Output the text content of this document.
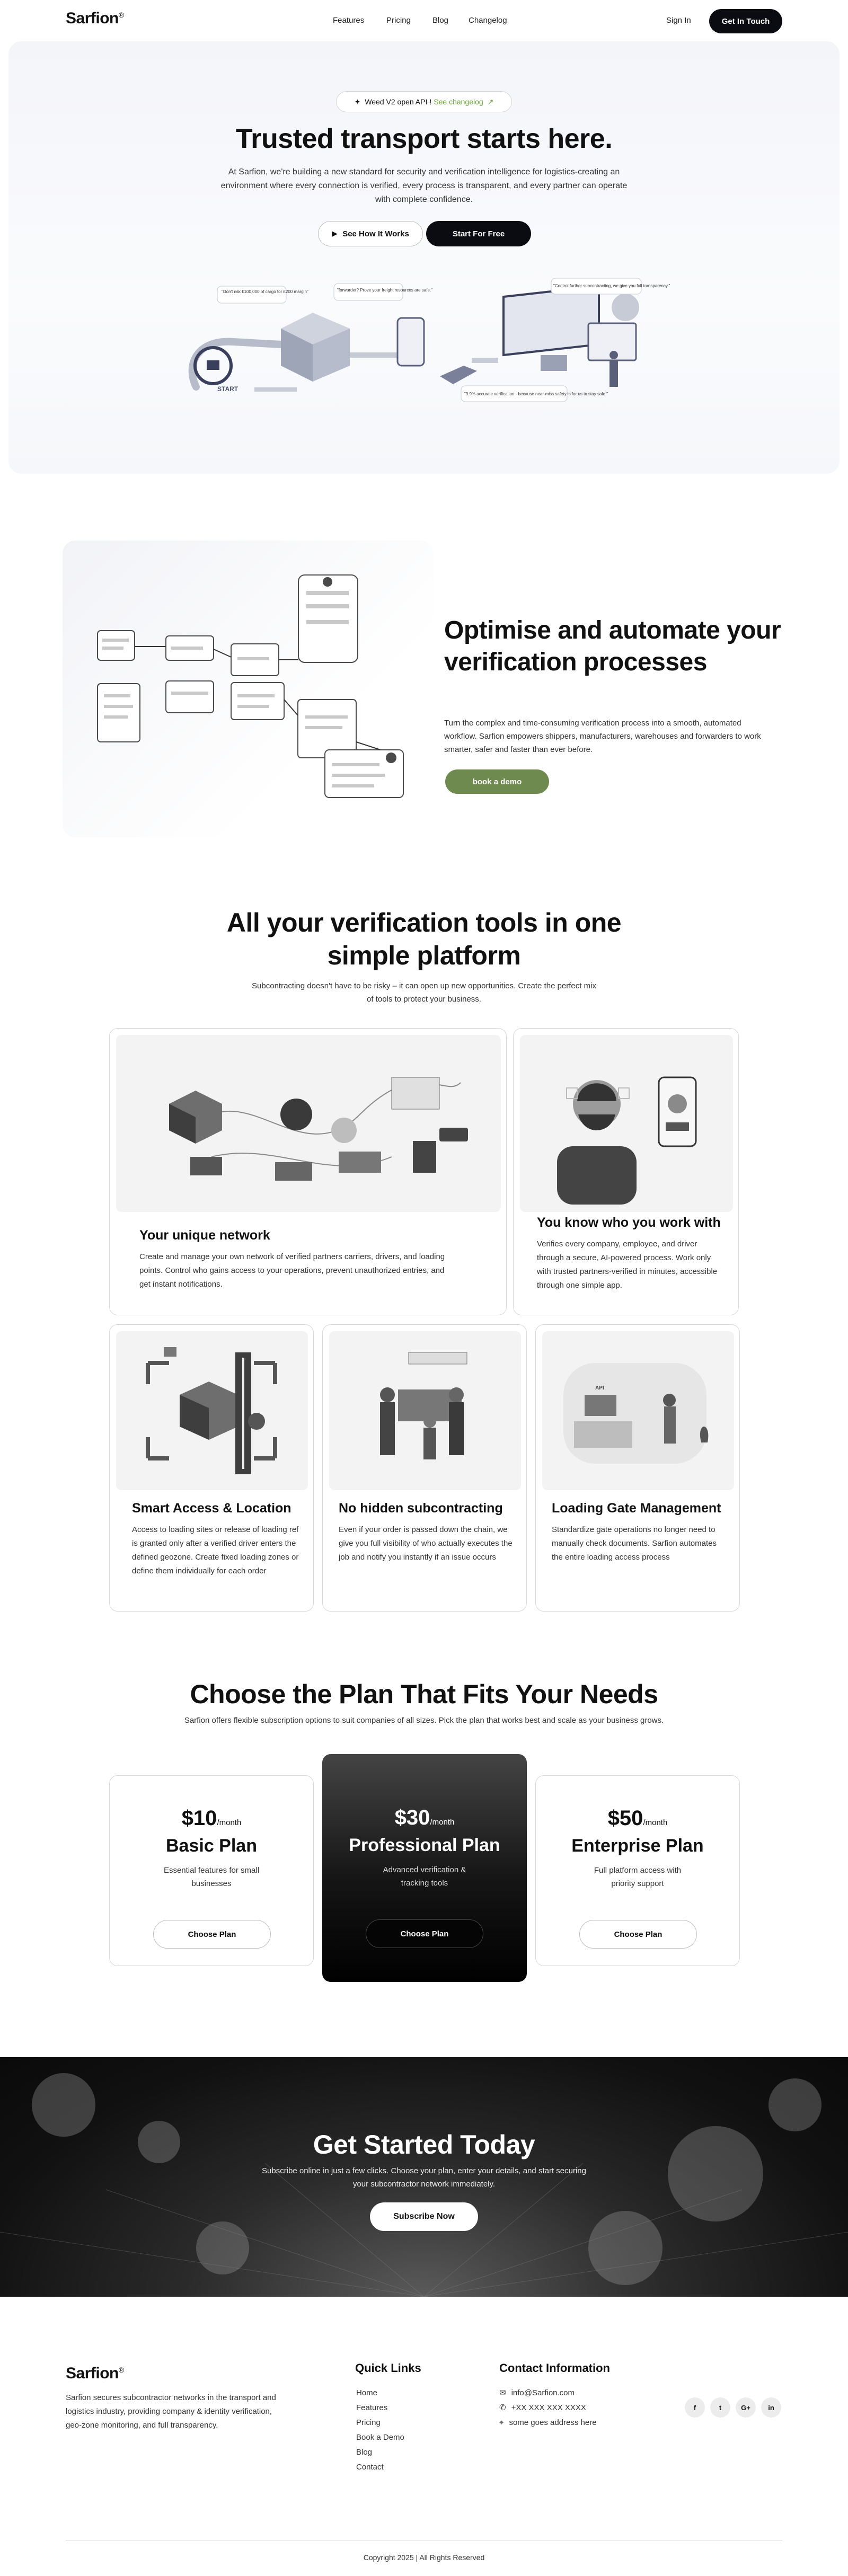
Sarfion®
Features	Pricing	Blog	Changelog	Sign In	Get In Touch
✦ Weed V2 open API ! See changelog ↗
Trusted transport starts here.

At Sarfion, we're building a new standard for security and verification intelligence for logistics-creating an environment where every connection is verified, every process is transparent, and every partner can operate with complete confidence.

▶ See How It Works	Start For Free
START
"Don't risk £100,000 of cargo for £200 margin"	"forwarder? Prove your freight resources are safe."
"Control further subcontracting, we give you full transparency."
"9.9% accurate verification - because near-miss safety is for us to stay safe."
Optimise and automate your verification processes

Turn the complex and time-consuming verification process into a smooth, automated workflow. Sarfion empowers shippers, manufacturers, warehouses and forwarders to work smarter, safer and faster than ever before.

book a demo
All your verification tools in one simple platform

Subcontracting doesn't have to be risky – it can open up new opportunities. Create the perfect mix of tools to protect your business.

Your unique network

Create and manage your own network of verified partners carriers, drivers, and loading points. Control who gains access to your operations, prevent unauthorized entries, and get instant notifications.

You know who you work with

Verifies every company, employee, and driver through a secure, AI-powered process. Work only with trusted partners-verified in minutes, accessible through one simple app.

Smart Access & Location

Access to loading sites or release of loading ref is granted only after a verified driver enters the defined geozone. Create fixed loading zones or define them individually for each order

No hidden subcontracting

Even if your order is passed down the chain, we give you full visibility of who actually executes the job and notify you instantly if an issue occurs

API
Loading Gate Management

Standardize gate operations no longer need to manually check documents. Sarfion automates the entire loading access process

Choose the Plan That Fits Your Needs

Sarfion offers flexible subscription options to suit companies of all sizes. Pick the plan that works best and scale as your business grows.

$10/month
Basic Plan
Essential features for small businesses
Choose Plan
$30/month
Professional Plan
Advanced verification & tracking tools
Choose Plan
$50/month
Enterprise Plan
Full platform access with priority support
Choose Plan
Get Started Today

Subscribe online in just a few clicks. Choose your plan, enter your details, and start securing your subcontractor network immediately.

Subscribe Now
Sarfion®

Sarfion secures subcontractor networks in the transport and logistics industry, providing company & identity verification, geo-zone monitoring, and full transparency.

Quick Links
Home
Features
Pricing
Book a Demo
Blog
Contact
Contact Information
✉ info@Sarfion.com
✆ +XX XXX XXX XXXX
⌖ some goes address here
f	t	G+	in
Copyright 2025 | All Rights Reserved
